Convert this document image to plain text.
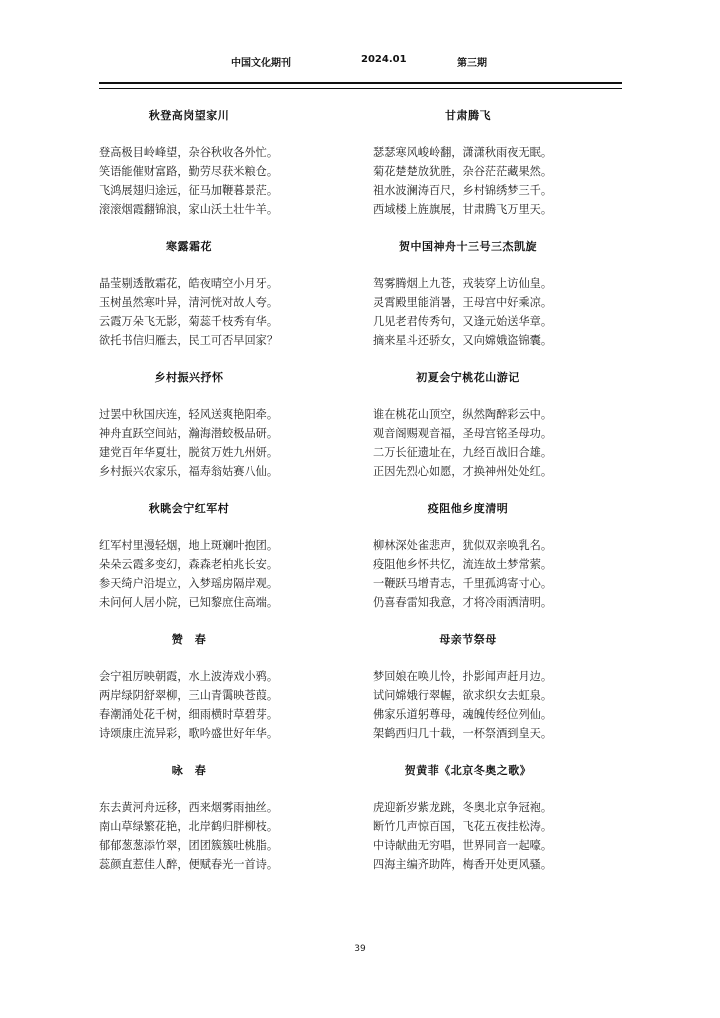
中国文化期刊	2024.01	第三期
秋登高岗望家川
登高极目岭峰望，杂谷秋收各外忙。
笑语能催财富路，勤劳尽获米粮仓。
飞鸿展翅归途远，征马加鞭暮景茫。
滚滚烟霞翻锦浪，家山沃土壮牛羊。
寒露霜花
晶莹剔透散霜花，皓夜晴空小月牙。
玉树虽然寒叶异，清河恍对故人夸。
云霞万朵飞无影，菊蕊千枝秀有华。
欲托书信归雁去，民工可否早回家？
乡村振兴抒怀
过罢中秋国庆连，轻风送爽艳阳牵。
神舟直跃空间站，瀚海潜蛟极品研。
建党百年华夏壮，脱贫万姓九州妍。
乡村振兴农家乐，福寿翁姑赛八仙。
秋眺会宁红军村
红军村里漫轻烟，地上斑斓叶抱团。
朵朵云霞多变幻，森森老柏兆长安。
参天绮户沿堤立，入梦瑶房隔岸观。
未问何人居小院，已知黎庶住高端。
赞　春
会宁祖厉映朝霞，水上波涛戏小鸦。
两岸绿阴舒翠柳，三山青霭映苍葭。
春潮涌处花千树，细雨横时草碧芽。
诗颂康庄流异彩，歌吟盛世好年华。
咏　春
东去黄河舟远移，西来烟雾雨抽丝。
南山草绿繁花艳，北岸鹤归胖柳枝。
郁郁葱葱添竹翠，团团簇簇吐桃脂。
蕊颜直惹佳人醉，便赋春光一首诗。
甘肃腾飞
瑟瑟寒风峻岭翻，潇潇秋雨夜无眠。
菊花楚楚放犹胜，杂谷茫茫藏果然。
祖水波澜涛百尺，乡村锦绣梦三千。
西域楼上旌旗展，甘肃腾飞万里天。
贺中国神舟十三号三杰凯旋
驾雾腾烟上九苍，戎装穿上访仙皇。
灵霄殿里能消暑，王母宫中好乘凉。
几见老君传秀句，又逢元始送华章。
摘来星斗还骄女，又向嫦娥盗锦囊。
初夏会宁桃花山游记
谁在桃花山顶空，纵然陶醉彩云中。
观音阁赐观音福，圣母宫铭圣母功。
二万长征遗址在，九经百战旧合雄。
正因先烈心如愿，才换神州处处红。
疫阻他乡度清明
柳林深处雀悲声，犹似双亲唤乳名。
疫阻他乡怀共忆，流连故土梦常萦。
一鞭跃马增青志，千里孤鸿寄寸心。
仍喜春雷知我意，才将冷雨洒清明。
母亲节祭母
梦回娘在唤儿怜，扑影闻声赶月边。
试问嫦娥行翠幄，欲求织女去虹泉。
佛家乐道躬尊母，魂魄传经位列仙。
架鹤西归几十载，一杯祭酒到皇天。
贺黄菲《北京冬奥之歌》
虎迎新岁紫龙跳，冬奥北京争冠袍。
断竹几声惊百国，飞花五夜挂松涛。
中诗献曲无穷唱，世界同音一起嚎。
四海主编齐助阵，梅香开处更风骚。
39
